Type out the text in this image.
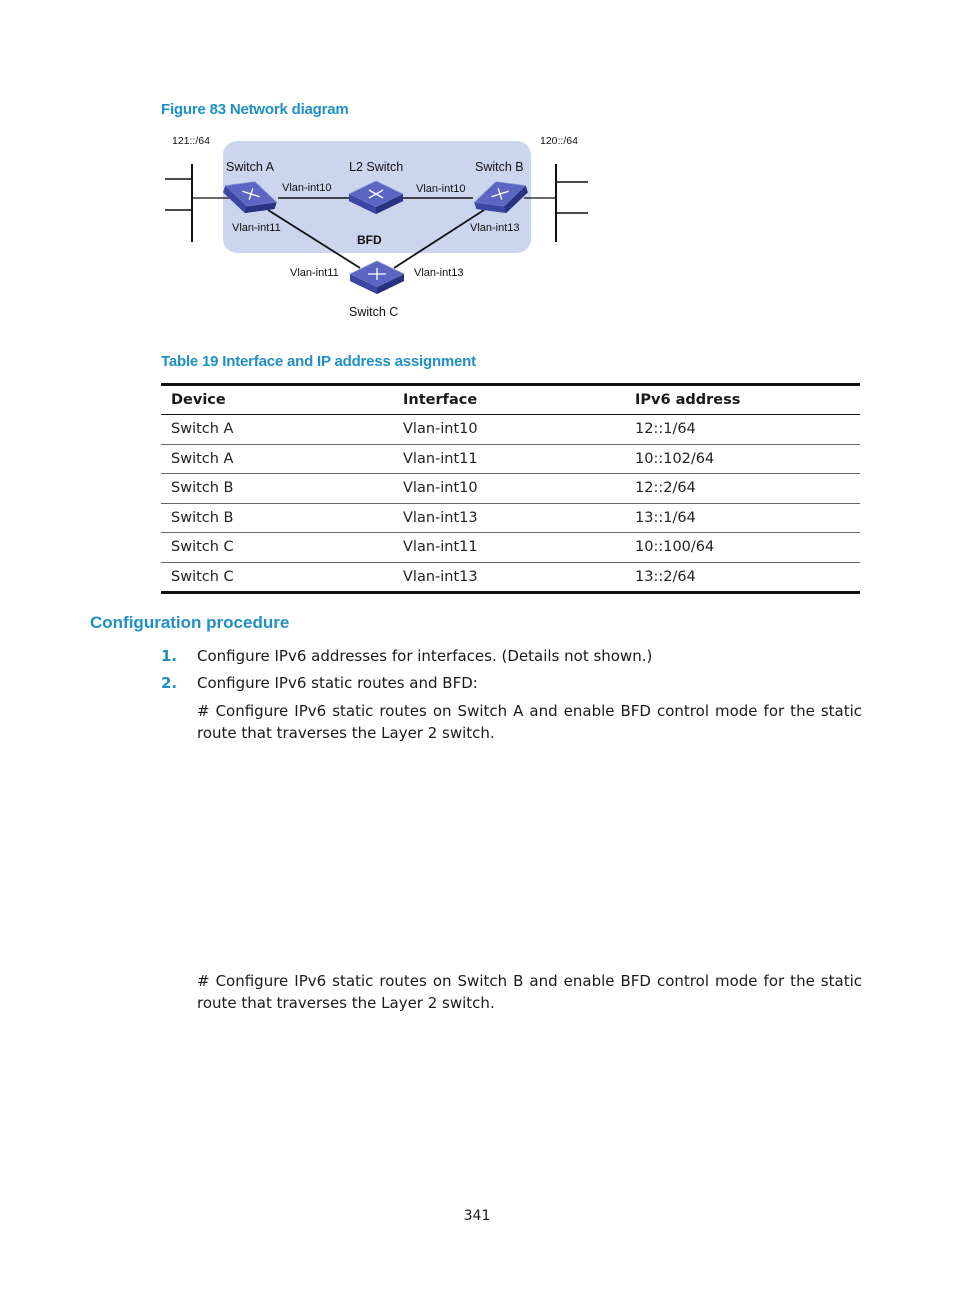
Figure 83 Network diagram
121::/64	120::/64
Switch A	L2 Switch	Switch B
Switch C
Vlan-int10	Vlan-int10
Vlan-int11	Vlan-int13
BFD
Vlan-int11	Vlan-int13
Table 19 Interface and IP address assignment
Device	Interface	IPv6 address
Switch A	Vlan-int10	12::1/64
Switch A	Vlan-int11	10::102/64
Switch B	Vlan-int10	12::2/64
Switch B	Vlan-int13	13::1/64
Switch C	Vlan-int11	10::100/64
Switch C	Vlan-int13	13::2/64
Configuration procedure
1. Configure IPv6 addresses for interfaces. (Details not shown.)
2. Configure IPv6 static routes and BFD:
# Configure IPv6 static routes on Switch A and enable BFD control mode for the static route that traverses the Layer 2 switch.
# Configure IPv6 static routes on Switch B and enable BFD control mode for the static route that traverses the Layer 2 switch.
341
